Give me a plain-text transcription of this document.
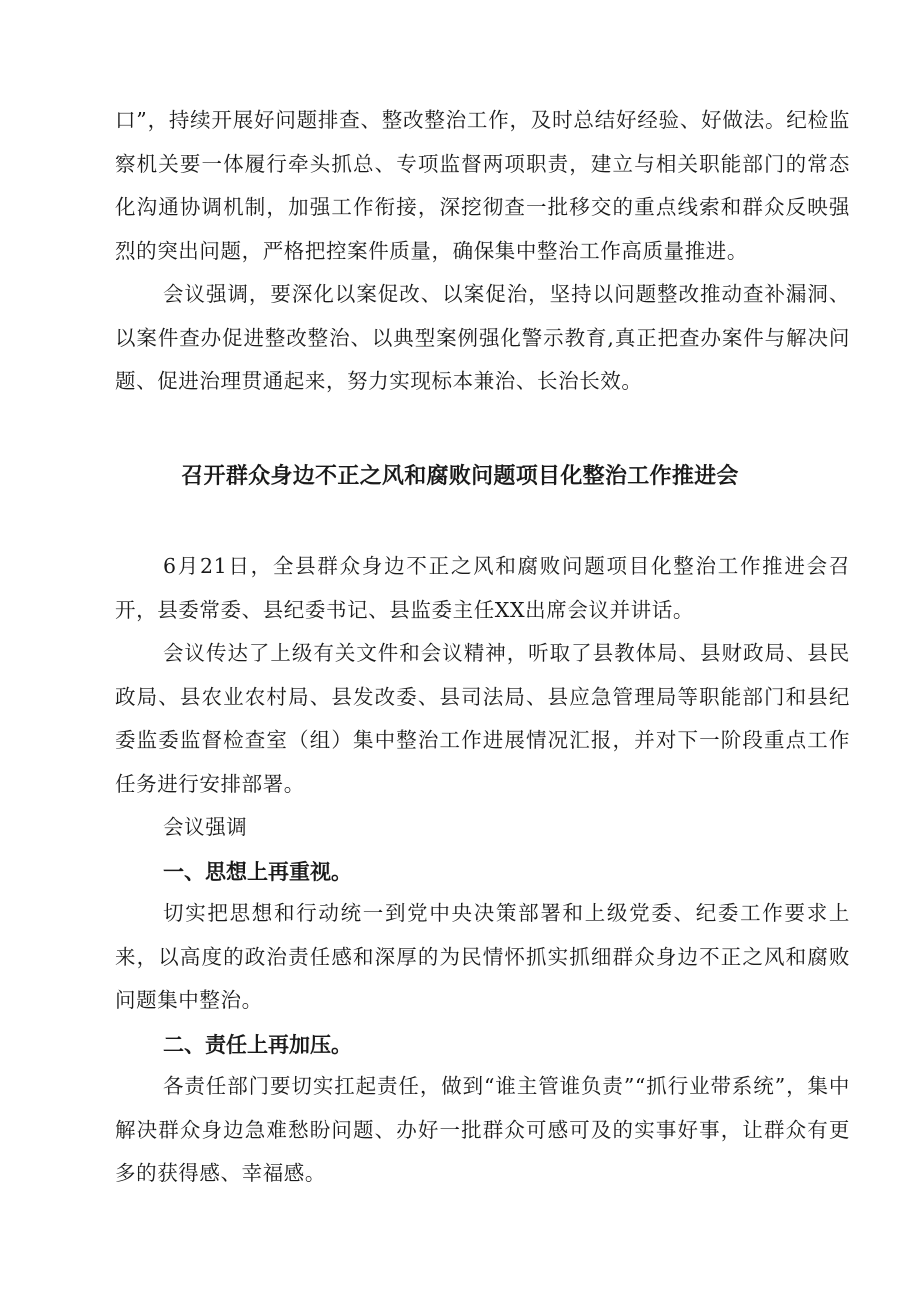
口”，持续开展好问题排查、整改整治工作，及时总结好经验、好做法。纪检监察机关要一体履行牵头抓总、专项监督两项职责，建立与相关职能部门的常态化沟通协调机制，加强工作衔接，深挖彻查一批移交的重点线索和群众反映强烈的突出问题，严格把控案件质量，确保集中整治工作高质量推进。

会议强调，要深化以案促改、以案促治，坚持以问题整改推动查补漏洞、以案件查办促进整改整治、以典型案例强化警示教育,真正把查办案件与解决问题、促进治理贯通起来，努力实现标本兼治、长治长效。

召开群众身边不正之风和腐败问题项目化整治工作推进会

6月21日，全县群众身边不正之风和腐败问题项目化整治工作推进会召开，县委常委、县纪委书记、县监委主任XX出席会议并讲话。

会议传达了上级有关文件和会议精神，听取了县教体局、县财政局、县民政局、县农业农村局、县发改委、县司法局、县应急管理局等职能部门和县纪委监委监督检查室（组）集中整治工作进展情况汇报，并对下一阶段重点工作任务进行安排部署。

会议强调

一、思想上再重视。

切实把思想和行动统一到党中央决策部署和上级党委、纪委工作要求上来，以高度的政治责任感和深厚的为民情怀抓实抓细群众身边不正之风和腐败问题集中整治。

二、责任上再加压。

各责任部门要切实扛起责任，做到“谁主管谁负责”“抓行业带系统”，集中解决群众身边急难愁盼问题、办好一批群众可感可及的实事好事，让群众有更多的获得感、幸福感。
